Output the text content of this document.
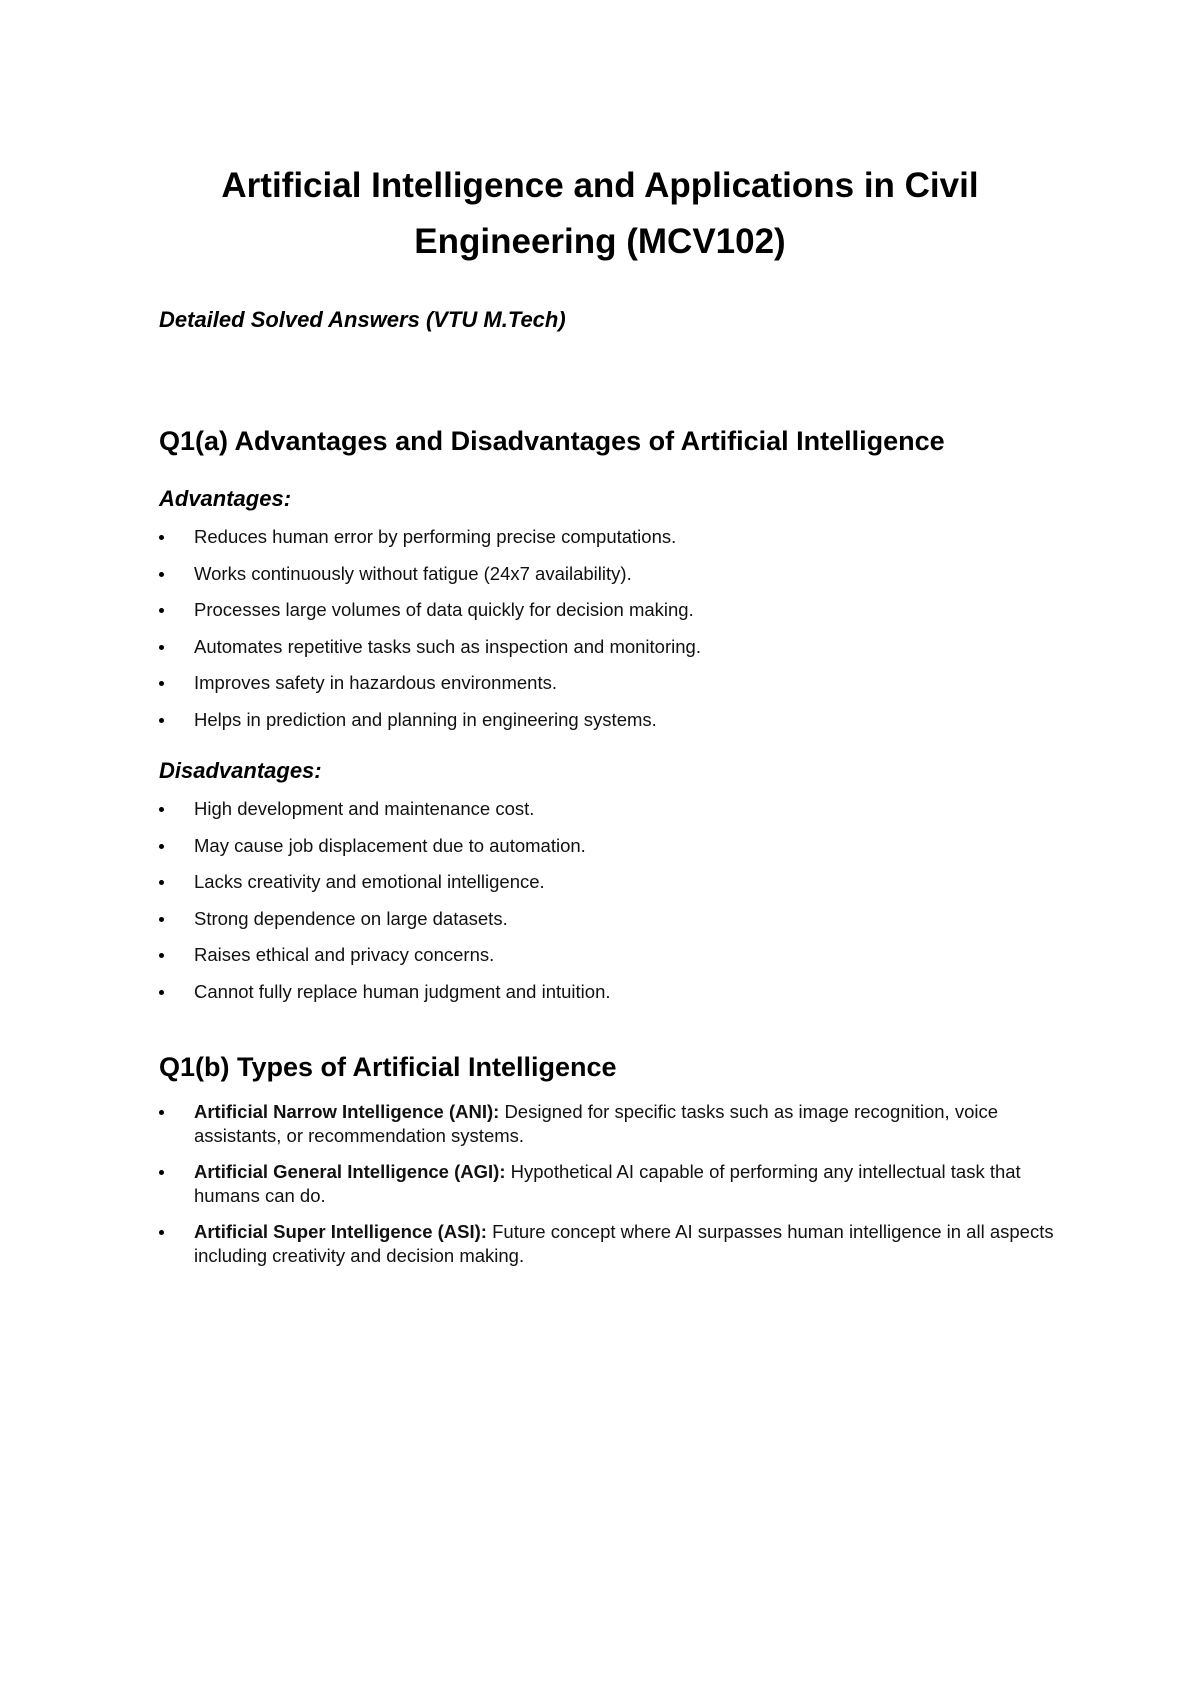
Artificial Intelligence and Applications in Civil Engineering (MCV102)

Detailed Solved Answers (VTU M.Tech)

Q1(a) Advantages and Disadvantages of Artificial Intelligence
Advantages:
Reduces human error by performing precise computations.
Works continuously without fatigue (24x7 availability).
Processes large volumes of data quickly for decision making.
Automates repetitive tasks such as inspection and monitoring.
Improves safety in hazardous environments.
Helps in prediction and planning in engineering systems.
Disadvantages:
High development and maintenance cost.
May cause job displacement due to automation.
Lacks creativity and emotional intelligence.
Strong dependence on large datasets.
Raises ethical and privacy concerns.
Cannot fully replace human judgment and intuition.
Q1(b) Types of Artificial Intelligence
Artificial Narrow Intelligence (ANI): Designed for specific tasks such as image recognition, voice assistants, or recommendation systems.
Artificial General Intelligence (AGI): Hypothetical AI capable of performing any intellectual task that humans can do.
Artificial Super Intelligence (ASI): Future concept where AI surpasses human intelligence in all aspects including creativity and decision making.
